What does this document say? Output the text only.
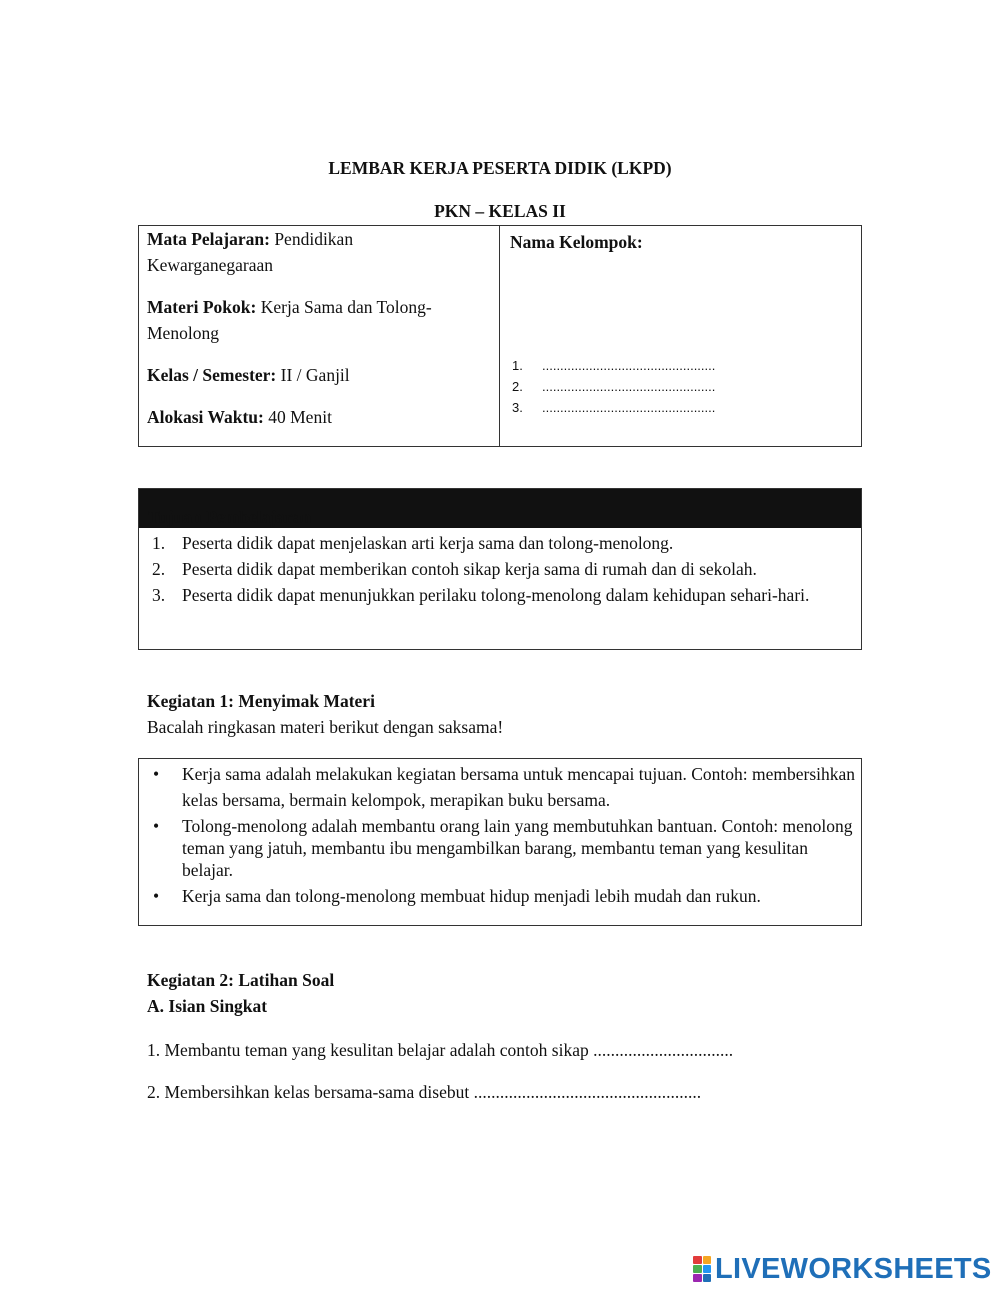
LEMBAR KERJA PESERTA DIDIK (LKPD)
PKN – KELAS II
Mata Pelajaran: Pendidikan
Kewarganegaraan
Materi Pokok: Kerja Sama dan Tolong-
Menolong
Kelas / Semester: II / Ganjil
Alokasi Waktu: 40 Menit
Nama Kelompok:
1. ................................................
2. ................................................
3. ................................................
Tujuan Pembelajaran
1. Peserta didik dapat menjelaskan arti kerja sama dan tolong-menolong.
2. Peserta didik dapat memberikan contoh sikap kerja sama di rumah dan di sekolah.
3. Peserta didik dapat menunjukkan perilaku tolong-menolong dalam kehidupan sehari-hari.
Kegiatan 1: Menyimak Materi
Bacalah ringkasan materi berikut dengan saksama!
• Kerja sama adalah melakukan kegiatan bersama untuk mencapai tujuan. Contoh: membersihkan kelas bersama, bermain kelompok, merapikan buku bersama.
• Tolong-menolong adalah membantu orang lain yang membutuhkan bantuan. Contoh: menolong teman yang jatuh, membantu ibu mengambilkan barang, membantu teman yang kesulitan belajar.
• Kerja sama dan tolong-menolong membuat hidup menjadi lebih mudah dan rukun.
Kegiatan 2: Latihan Soal
A. Isian Singkat
1. Membantu teman yang kesulitan belajar adalah contoh sikap ................................
2. Membersihkan kelas bersama-sama disebut ....................................................
LIVEWORKSHEETS
